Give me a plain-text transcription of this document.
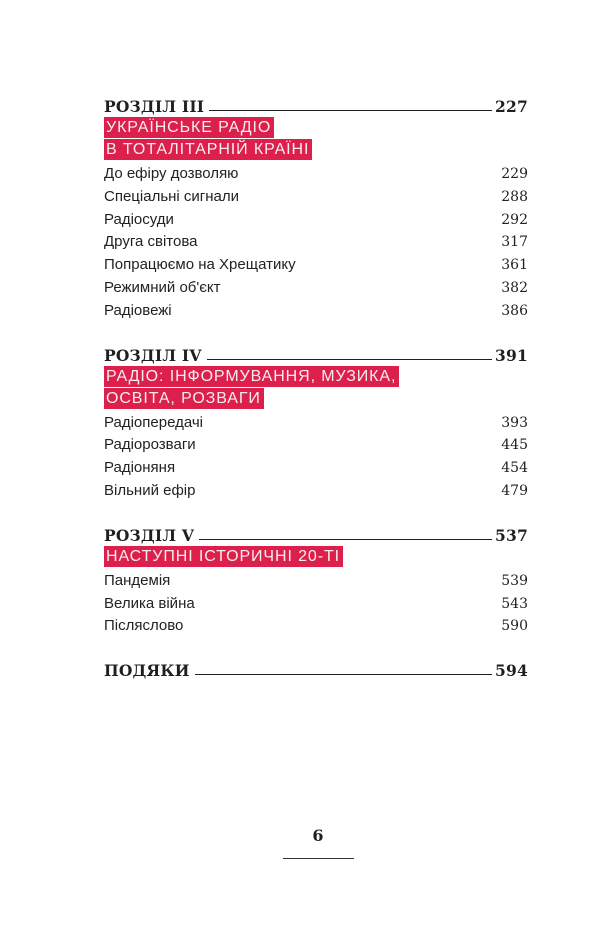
РОЗДІЛ ІІІ	227
УКРАЇНСЬКЕ РАДІО
В ТОТАЛІТАРНІЙ КРАЇНІ
До ефіру дозволяю	229
Спеціальні сигнали	288
Радіосуди	292
Друга світова	317
Попрацюємо на Хрещатику	361
Режимний об'єкт	382
Радіовежі	386
РОЗДІЛ IV	391
РАДІО: ІНФОРМУВАННЯ, МУЗИКА,
ОСВІТА, РОЗВАГИ
Радіопередачі	393
Радіорозваги	445
Радіоняня	454
Вільний ефір	479
РОЗДІЛ V	537
НАСТУПНІ ІСТОРИЧНІ 20-ТІ
Пандемія	539
Велика війна	543
Післяслово	590
ПОДЯКИ	594
6
